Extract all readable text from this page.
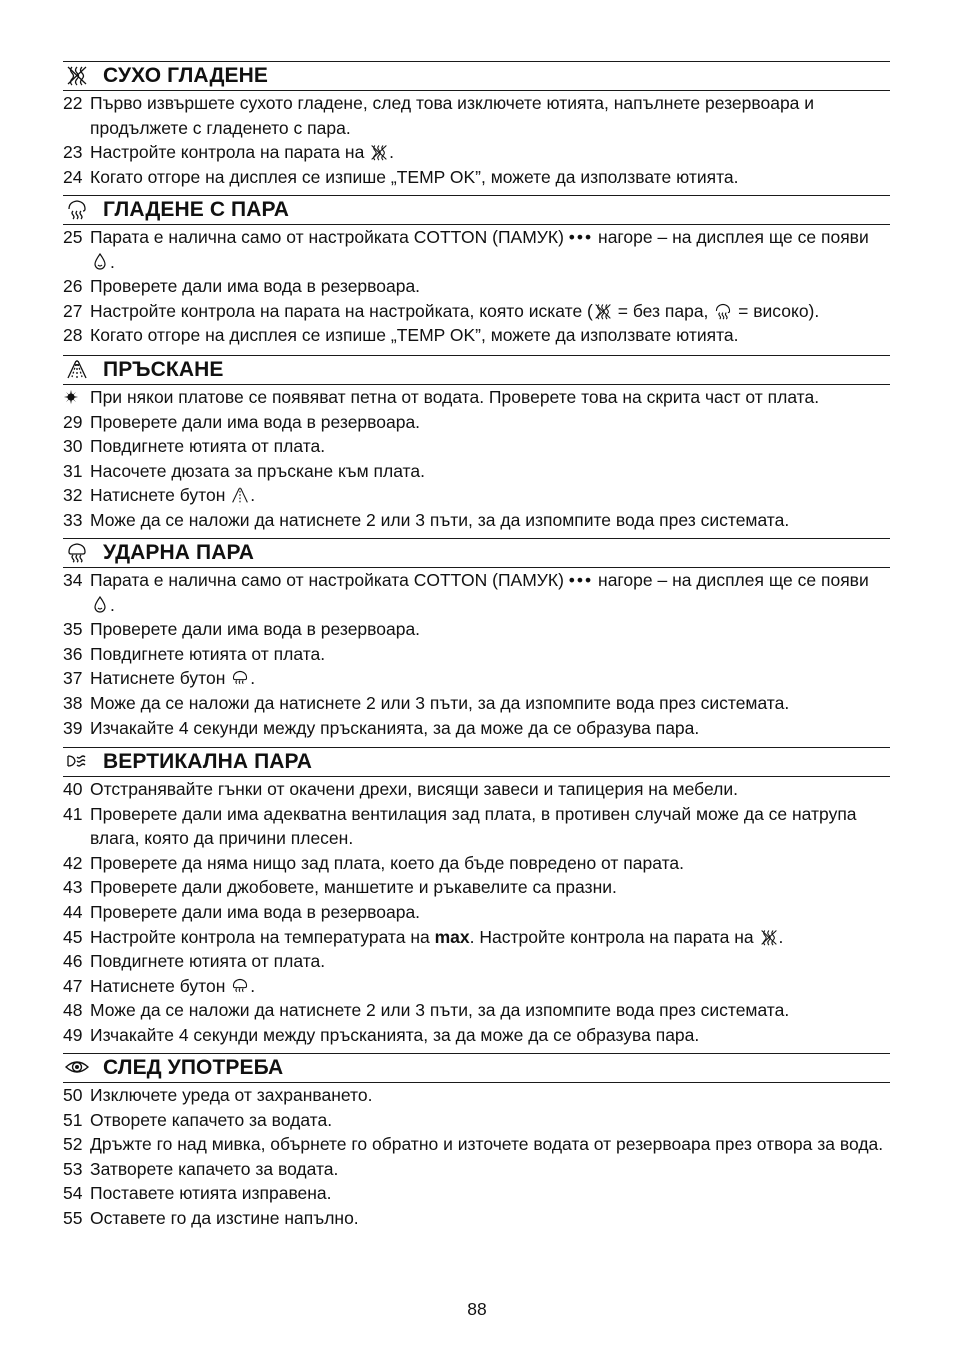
СУХО ГЛАДЕНЕ
22 Първо извършете сухото гладене, след това изключете ютията, напълнете резервоара и продължете с гладенето с пара.
23 Настройте контрола на парата на
.
24 Когато отгоре на дисплея се изпише „TEMP OK”, можете да използвате ютията.
ГЛАДЕНЕ С ПАРА
25 Парата е налична само от настройката COTTON (ПАМУК) ••• нагоре – на дисплея ще се появи
.
26 Проверете дали има вода в резервоара.
27 Настройте контрола на парата на настройката, която искате (
= без пара,
= високо).
28 Когато отгоре на дисплея се изпише „TEMP OK”, можете да използвате ютията.
ПРЪСКАНЕ
При някои платове се появяват петна от водата. Проверете това на скрита част от плата.
29 Проверете дали има вода в резервоара.
30 Повдигнете ютията от плата.
31 Насочете дюзата за пръскане към плата.
32 Натиснете бутон
.
33 Може да се наложи да натиснете 2 или 3 пъти, за да изпомпите вода през системата.
УДАРНА ПАРА
34 Парата е налична само от настройката COTTON (ПАМУК) ••• нагоре – на дисплея ще се появи
.
35 Проверете дали има вода в резервоара.
36 Повдигнете ютията от плата.
37 Натиснете бутон
.
38 Може да се наложи да натиснете 2 или 3 пъти, за да изпомпите вода през системата.
39 Изчакайте 4 секунди между пръсканията, за да може да се образува пара.
ВЕРТИКАЛНА ПАРА
40 Отстранявайте гънки от окачени дрехи, висящи завеси и тапицерия на мебели.
41 Проверете дали има адекватна вентилация зад плата, в противен случай може да се натрупа влага, която да причини плесен.
42 Проверете да няма нищо зад плата, което да бъде повредено от парата.
43 Проверете дали джобовете, маншетите и ръкавелите са празни.
44 Проверете дали има вода в резервоара.
45 Настройте контрола на температурата на max. Настройте контрола на парата на
.
46 Повдигнете ютията от плата.
47 Натиснете бутон
.
48 Може да се наложи да натиснете 2 или 3 пъти, за да изпомпите вода през системата.
49 Изчакайте 4 секунди между пръсканията, за да може да се образува пара.
СЛЕД УПОТРЕБА
50 Изключете уреда от захранването.
51 Отворете капачето за водата.
52 Дръжте го над мивка, обърнете го обратно и източете водата от резервоара през отвора за вода.
53 Затворете капачето за водата.
54 Поставете ютията изправена.
55 Оставете го да изстине напълно.
88
